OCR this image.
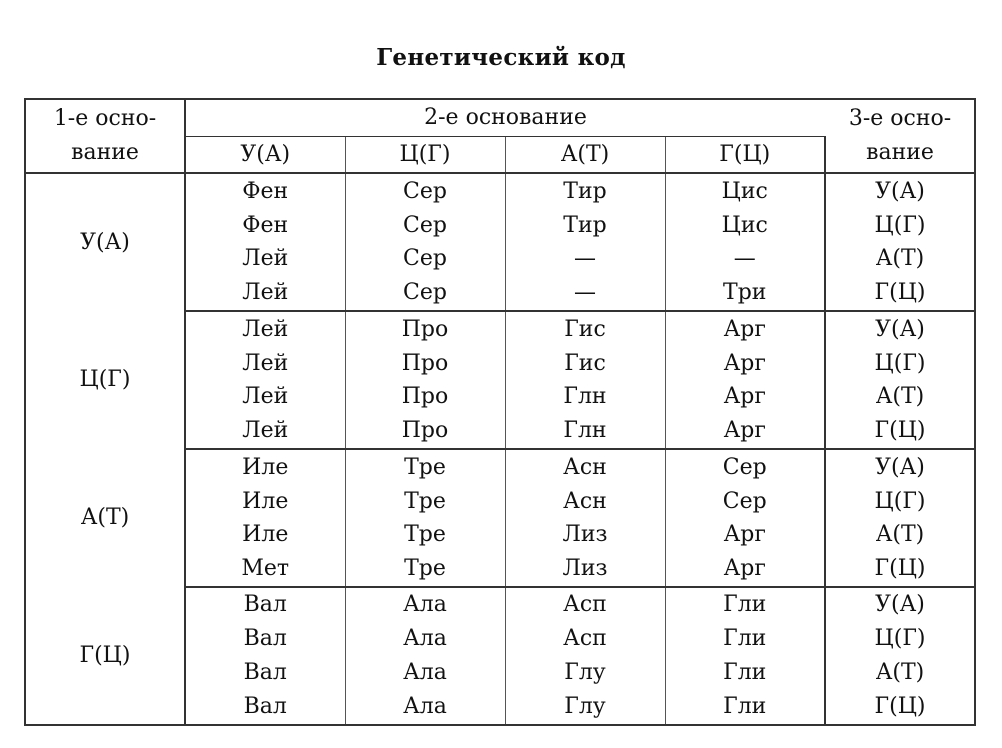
Генетический код
1-е осно-
вание	2-е основание				3-е осно-
вание
	У(А)	Ц(Г)	А(Т)	Г(Ц)	
У(А)	Фен	Сер	Тир	Цис	У(А)
	Фен	Сер	Тир	Цис	Ц(Г)
	Лей	Сер	—	—	А(Т)
	Лей	Сер	—	Три	Г(Ц)
Ц(Г)	Лей	Про	Гис	Арг	У(А)
	Лей	Про	Гис	Арг	Ц(Г)
	Лей	Про	Глн	Арг	А(Т)
	Лей	Про	Глн	Арг	Г(Ц)
А(Т)	Иле	Тре	Асн	Сер	У(А)
	Иле	Тре	Асн	Сер	Ц(Г)
	Иле	Тре	Лиз	Арг	А(Т)
	Мет	Тре	Лиз	Арг	Г(Ц)
Г(Ц)	Вал	Ала	Асп	Гли	У(А)
	Вал	Ала	Асп	Гли	Ц(Г)
	Вал	Ала	Глу	Гли	А(Т)
	Вал	Ала	Глу	Гли	Г(Ц)
